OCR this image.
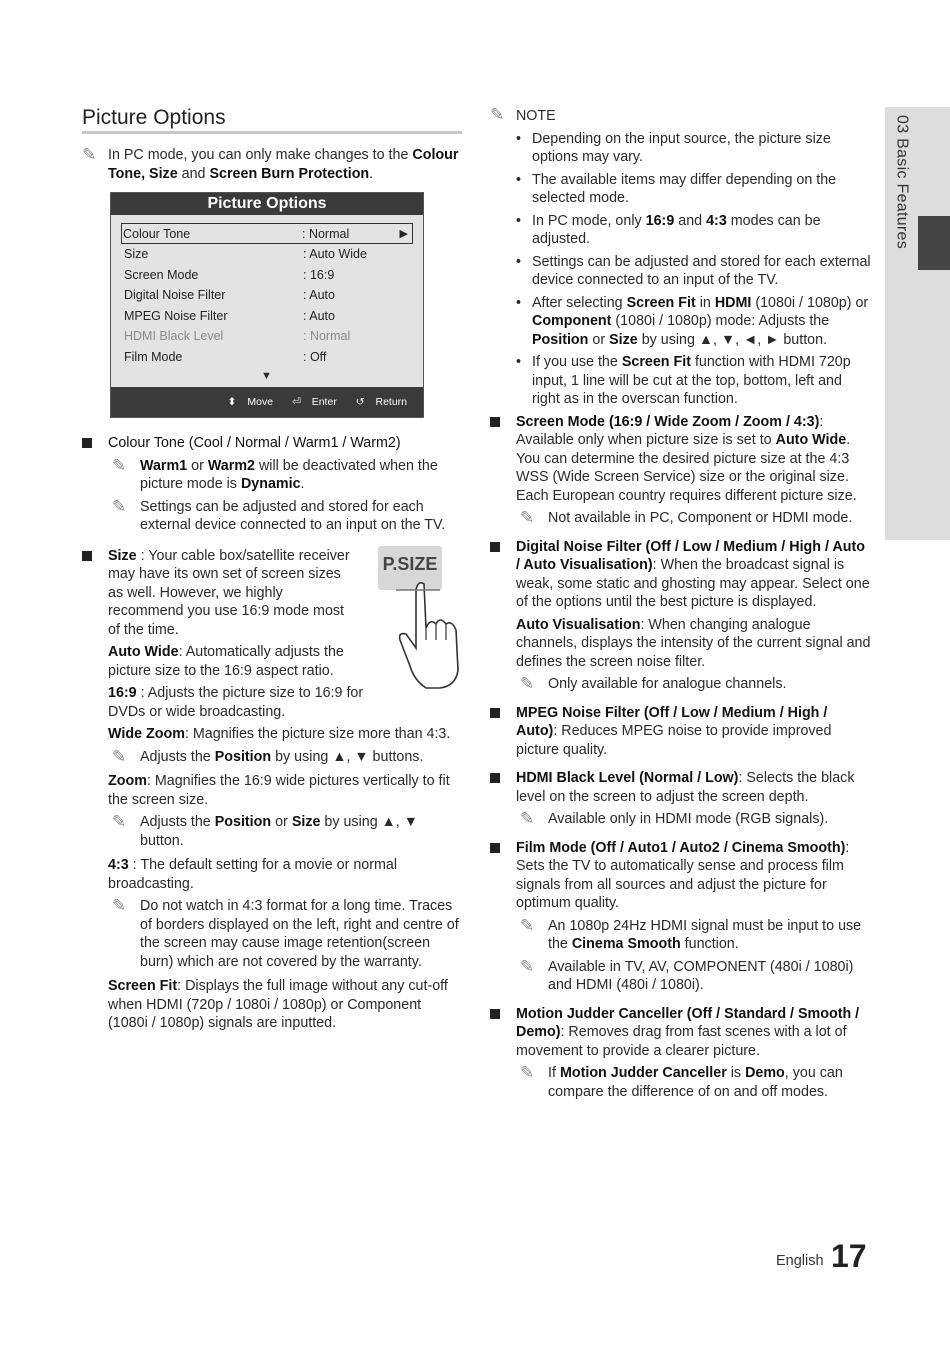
Picture Options	03 Basic Features
✎ In PC mode, you can only make changes to the Colour Tone, Size and Screen Burn Protection.
Picture Options
Colour Tone	: Normal	▶
Size	: Auto Wide
Screen Mode	: 16:9
Digital Noise Filter	: Auto
MPEG Noise Filter	: Auto
HDMI Black Level	: Normal
Film Mode	: Off
▼
⬍ Move ⏎ Enter ↺ Return
Colour Tone (Cool / Normal / Warm1 / Warm2)
✎ Warm1 or Warm2 will be deactivated when the picture mode is Dynamic.
✎ Settings can be adjusted and stored for each external device connected to an input on the TV.
Size : Your cable box/satellite receiver may have its own set of screen sizes as well. However, we highly recommend you use 16:9 mode most of the time.
Auto Wide: Automatically adjusts the picture size to the 16:9 aspect ratio.
16:9 : Adjusts the picture size to 16:9 for DVDs or wide broadcasting.
Wide Zoom: Magnifies the picture size more than 4:3.
✎ Adjusts the Position by using ▲, ▼ buttons.
Zoom: Magnifies the 16:9 wide pictures vertically to fit the screen size.
✎ Adjusts the Position or Size by using ▲, ▼ button.
4:3 : The default setting for a movie or normal broadcasting.
✎ Do not watch in 4:3 format for a long time. Traces of borders displayed on the left, right and centre of the screen may cause image retention(screen burn) which are not covered by the warranty.
Screen Fit: Displays the full image without any cut-off when HDMI (720p / 1080i / 1080p) or Component (1080i / 1080p) signals are inputted.
P.SIZE
✎ NOTE
• Depending on the input source, the picture size options may vary.
• The available items may differ depending on the selected mode.
• In PC mode, only 16:9 and 4:3 modes can be adjusted.
• Settings can be adjusted and stored for each external device connected to an input of the TV.
• After selecting Screen Fit in HDMI (1080i / 1080p) or Component (1080i / 1080p) mode: Adjusts the Position or Size by using ▲, ▼, ◄, ► button.
• If you use the Screen Fit function with HDMI 720p input, 1 line will be cut at the top, bottom, left and right as in the overscan function.
Screen Mode (16:9 / Wide Zoom / Zoom / 4:3): Available only when picture size is set to Auto Wide. You can determine the desired picture size at the 4:3 WSS (Wide Screen Service) size or the original size. Each European country requires different picture size.
✎ Not available in PC, Component or HDMI mode.
Digital Noise Filter (Off / Low / Medium / High / Auto / Auto Visualisation): When the broadcast signal is weak, some static and ghosting may appear. Select one of the options until the best picture is displayed.
Auto Visualisation: When changing analogue channels, displays the intensity of the current signal and defines the screen noise filter.
✎ Only available for analogue channels.
MPEG Noise Filter (Off / Low / Medium / High / Auto): Reduces MPEG noise to provide improved picture quality.
HDMI Black Level (Normal / Low): Selects the black level on the screen to adjust the screen depth.
✎ Available only in HDMI mode (RGB signals).
Film Mode (Off / Auto1 / Auto2 / Cinema Smooth): Sets the TV to automatically sense and process film signals from all sources and adjust the picture for optimum quality.
✎ An 1080p 24Hz HDMI signal must be input to use the Cinema Smooth function.
✎ Available in TV, AV, COMPONENT (480i / 1080i) and HDMI (480i / 1080i).
Motion Judder Canceller (Off / Standard / Smooth / Demo): Removes drag from fast scenes with a lot of movement to provide a clearer picture.
✎ If Motion Judder Canceller is Demo, you can compare the difference of on and off modes.
English 17
